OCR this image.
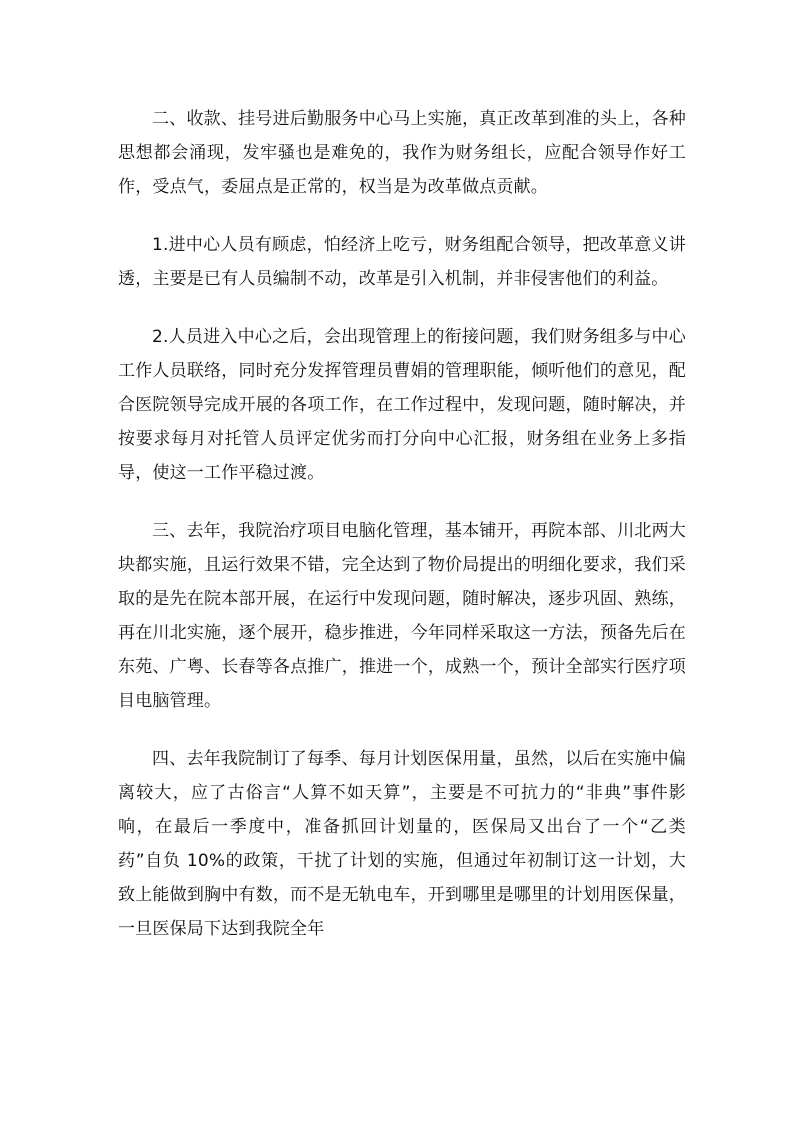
二、收款、挂号进后勤服务中心马上实施，真正改革到准的头上，各种思想都会涌现，发牢骚也是难免的，我作为财务组长，应配合领导作好工作，受点气，委屈点是正常的，权当是为改革做点贡献。

1.进中心人员有顾虑，怕经济上吃亏，财务组配合领导，把改革意义讲透，主要是已有人员编制不动，改革是引入机制，并非侵害他们的利益。

2.人员进入中心之后，会出现管理上的衔接问题，我们财务组多与中心工作人员联络，同时充分发挥管理员曹娟的管理职能，倾听他们的意见，配合医院领导完成开展的各项工作，在工作过程中，发现问题，随时解决，并按要求每月对托管人员评定优劣而打分向中心汇报，财务组在业务上多指导，使这一工作平稳过渡。

三、去年，我院治疗项目电脑化管理，基本铺开，再院本部、川北两大块都实施，且运行效果不错，完全达到了物价局提出的明细化要求，我们采取的是先在院本部开展，在运行中发现问题，随时解决，逐步巩固、熟练，再在川北实施，逐个展开，稳步推进，今年同样采取这一方法，预备先后在东苑、广粤、长春等各点推广，推进一个，成熟一个，预计全部实行医疗项目电脑管理。

四、去年我院制订了每季、每月计划医保用量，虽然，以后在实施中偏离较大，应了古俗言“人算不如天算”，主要是不可抗力的“非典”事件影响，在最后一季度中，准备抓回计划量的，医保局又出台了一个“乙类药”自负 10%的政策，干扰了计划的实施，但通过年初制订这一计划，大致上能做到胸中有数，而不是无轨电车，开到哪里是哪里的计划用医保量，一旦医保局下达到我院全年
